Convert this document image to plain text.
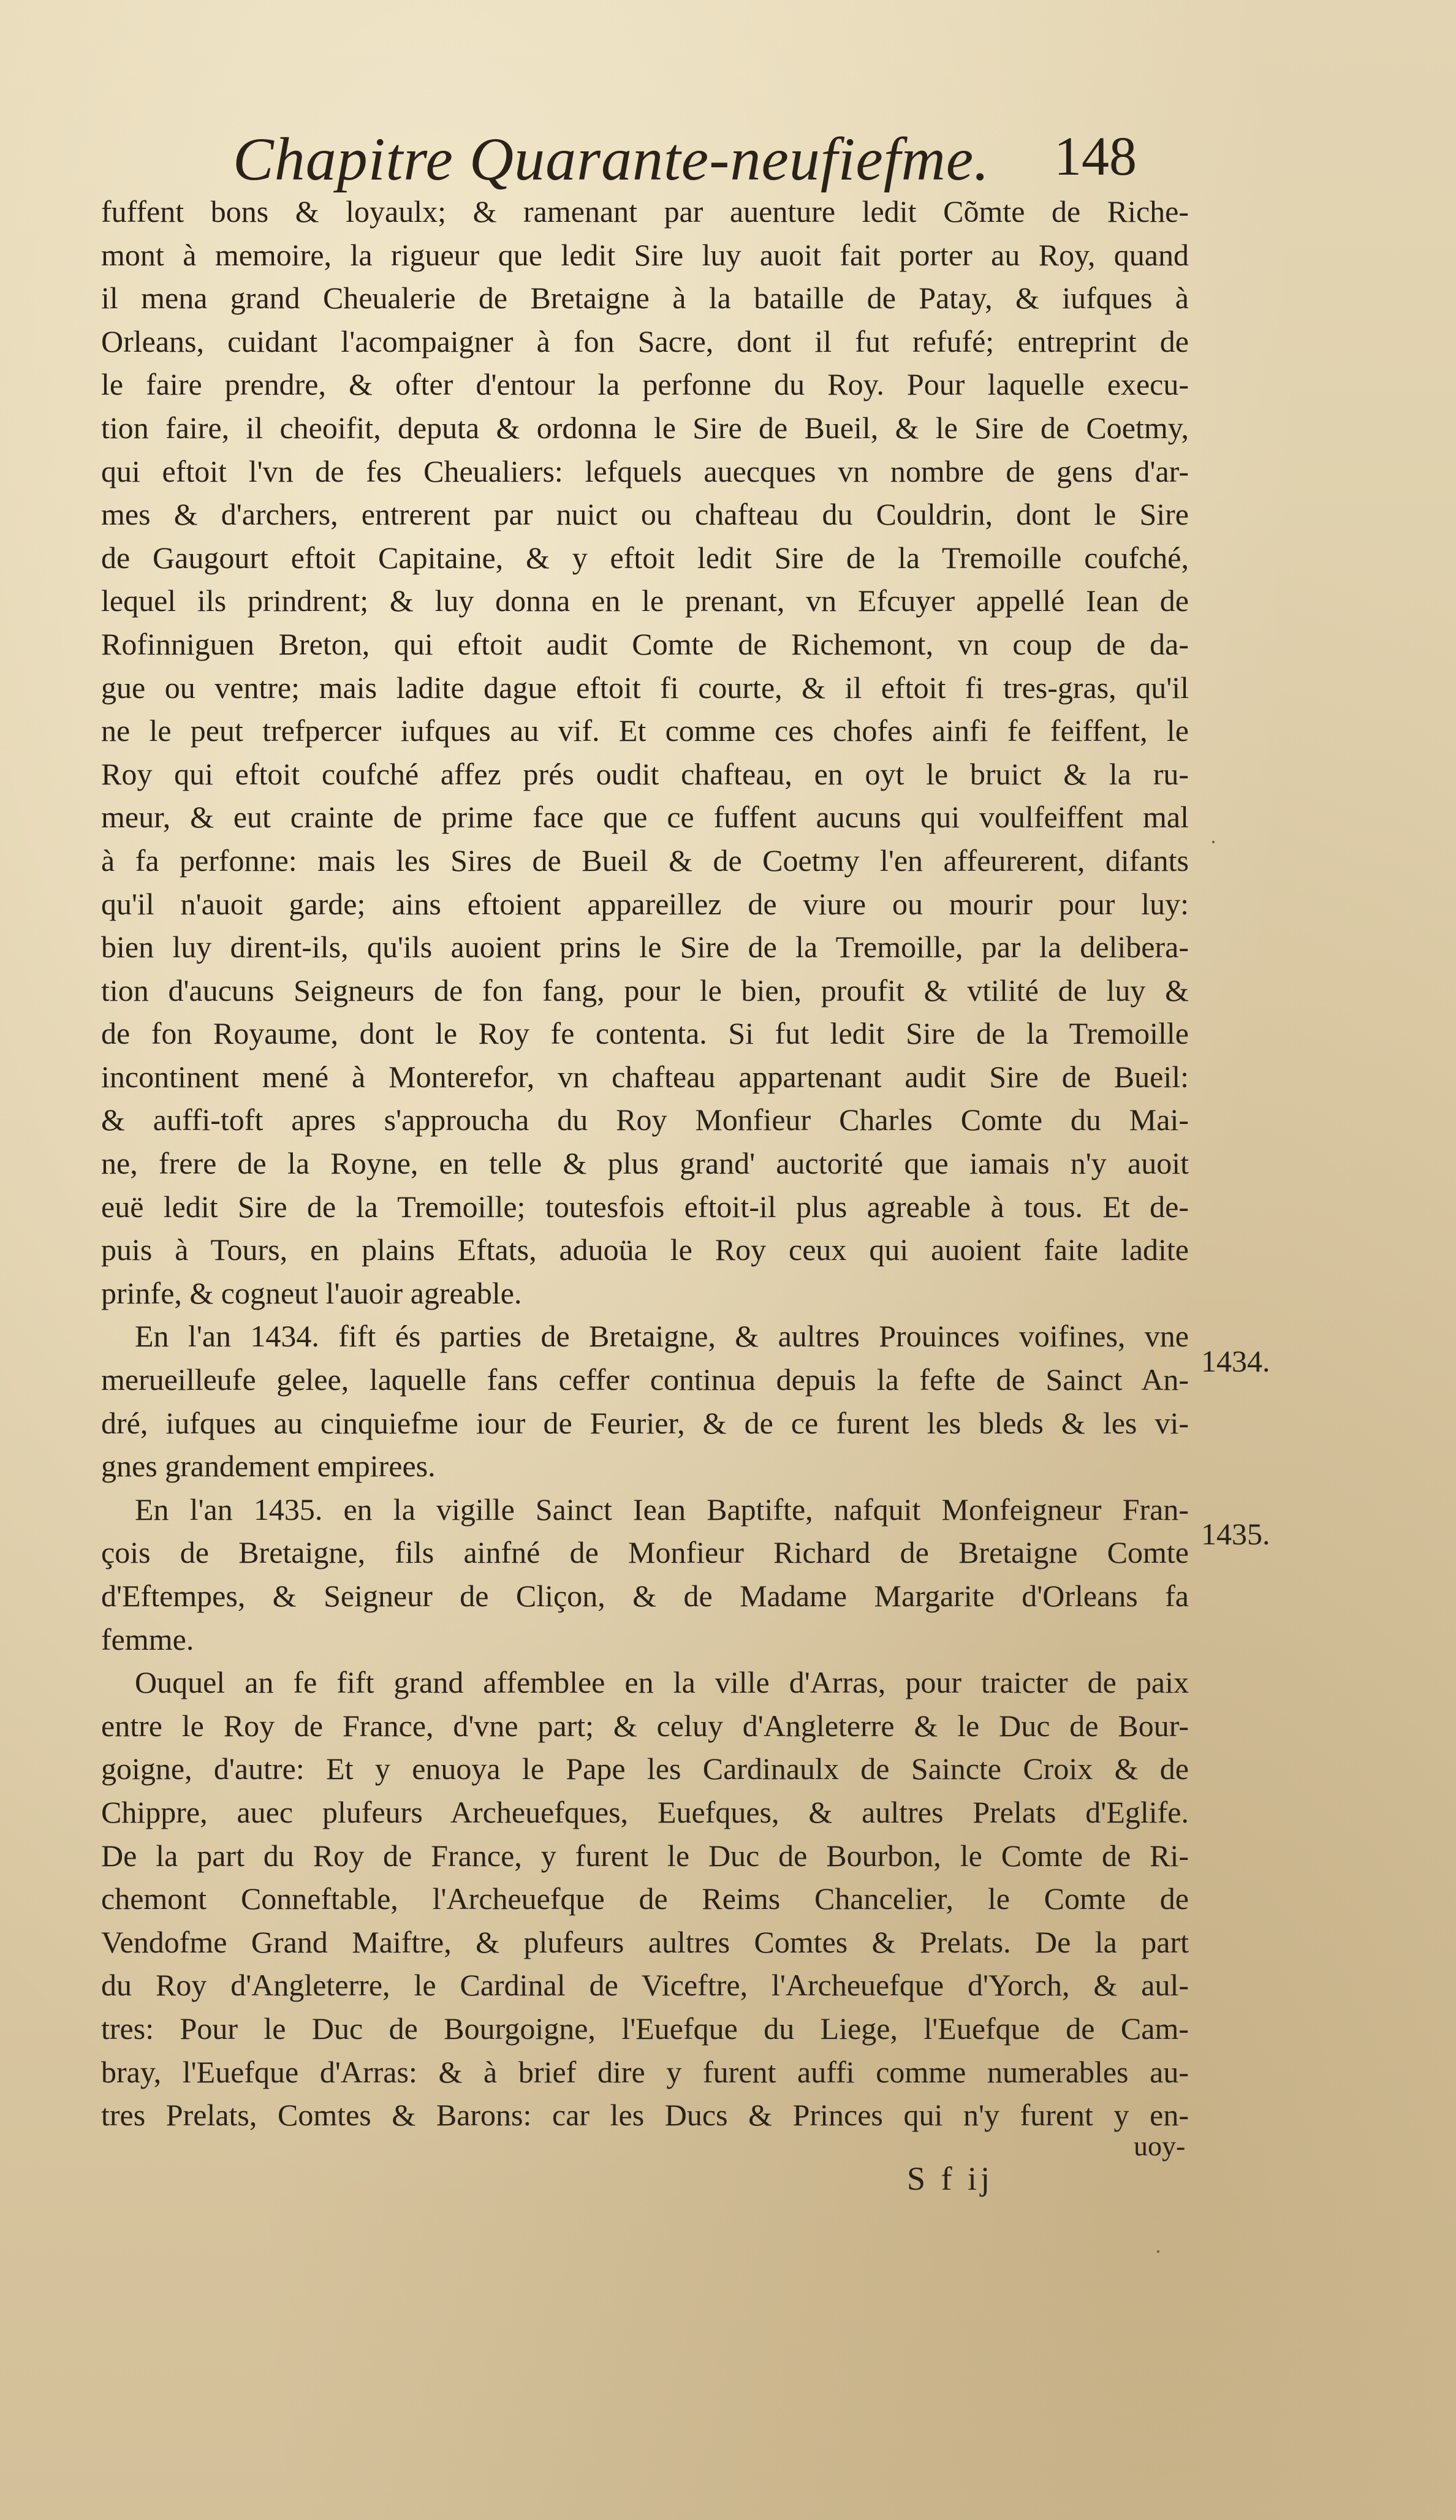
Chapitre Quarante-neufiefme. 148
fuffent bons & loyaulx; & ramenant par auenture ledit Cõmte de Riche-
mont à memoire, la rigueur que ledit Sire luy auoit fait porter au Roy, quand
il mena grand Cheualerie de Bretaigne à la bataille de Patay, & iufques à
Orleans, cuidant l'acompaigner à fon Sacre, dont il fut refufé; entreprint de
le faire prendre, & ofter d'entour la perfonne du Roy. Pour laquelle execu-
tion faire, il cheoifit, deputa & ordonna le Sire de Bueil, & le Sire de Coetmy,
qui eftoit l'vn de fes Cheualiers: lefquels auecques vn nombre de gens d'ar-
mes & d'archers, entrerent par nuict ou chafteau du Couldrin, dont le Sire
de Gaugourt eftoit Capitaine, & y eftoit ledit Sire de la Tremoille coufché,
lequel ils prindrent; & luy donna en le prenant, vn Efcuyer appellé Iean de
Rofinniguen Breton, qui eftoit audit Comte de Richemont, vn coup de da-
gue ou ventre; mais ladite dague eftoit fi courte, & il eftoit fi tres-gras, qu'il
ne le peut trefpercer iufques au vif. Et comme ces chofes ainfi fe feiffent, le
Roy qui eftoit coufché affez prés oudit chafteau, en oyt le bruict & la ru-
meur, & eut crainte de prime face que ce fuffent aucuns qui voulfeiffent mal
à fa perfonne: mais les Sires de Bueil & de Coetmy l'en affeurerent, difants
qu'il n'auoit garde; ains eftoient appareillez de viure ou mourir pour luy:
bien luy dirent-ils, qu'ils auoient prins le Sire de la Tremoille, par la delibera-
tion d'aucuns Seigneurs de fon fang, pour le bien, proufit & vtilité de luy &
de fon Royaume, dont le Roy fe contenta. Si fut ledit Sire de la Tremoille
incontinent mené à Monterefor, vn chafteau appartenant audit Sire de Bueil:
& auffi-toft apres s'approucha du Roy Monfieur Charles Comte du Mai-
ne, frere de la Royne, en telle & plus grand' auctorité que iamais n'y auoit
euë ledit Sire de la Tremoille; toutesfois eftoit-il plus agreable à tous. Et de-
puis à Tours, en plains Eftats, aduoüa le Roy ceux qui auoient faite ladite
prinfe, & cogneut l'auoir agreable.
En l'an 1434. fift és parties de Bretaigne, & aultres Prouinces voifines, vne
merueilleufe gelee, laquelle fans ceffer continua depuis la fefte de Sainct An-
dré, iufques au cinquiefme iour de Feurier, & de ce furent les bleds & les vi-
gnes grandement empirees.
En l'an 1435. en la vigille Sainct Iean Baptifte, nafquit Monfeigneur Fran-
çois de Bretaigne, fils ainfné de Monfieur Richard de Bretaigne Comte
d'Eftempes, & Seigneur de Cliçon, & de Madame Margarite d'Orleans fa
femme.
Ouquel an fe fift grand affemblee en la ville d'Arras, pour traicter de paix
entre le Roy de France, d'vne part; & celuy d'Angleterre & le Duc de Bour-
goigne, d'autre: Et y enuoya le Pape les Cardinaulx de Saincte Croix & de
Chippre, auec plufeurs Archeuefques, Euefques, & aultres Prelats d'Eglife.
De la part du Roy de France, y furent le Duc de Bourbon, le Comte de Ri-
chemont Conneftable, l'Archeuefque de Reims Chancelier, le Comte de
Vendofme Grand Maiftre, & plufeurs aultres Comtes & Prelats. De la part
du Roy d'Angleterre, le Cardinal de Viceftre, l'Archeuefque d'Yorch, & aul-
tres: Pour le Duc de Bourgoigne, l'Euefque du Liege, l'Euefque de Cam-
bray, l'Euefque d'Arras: & à brief dire y furent auffi comme numerables au-
tres Prelats, Comtes & Barons: car les Ducs & Princes qui n'y furent y en-
1434.
1435.
uoy-
S f ij
